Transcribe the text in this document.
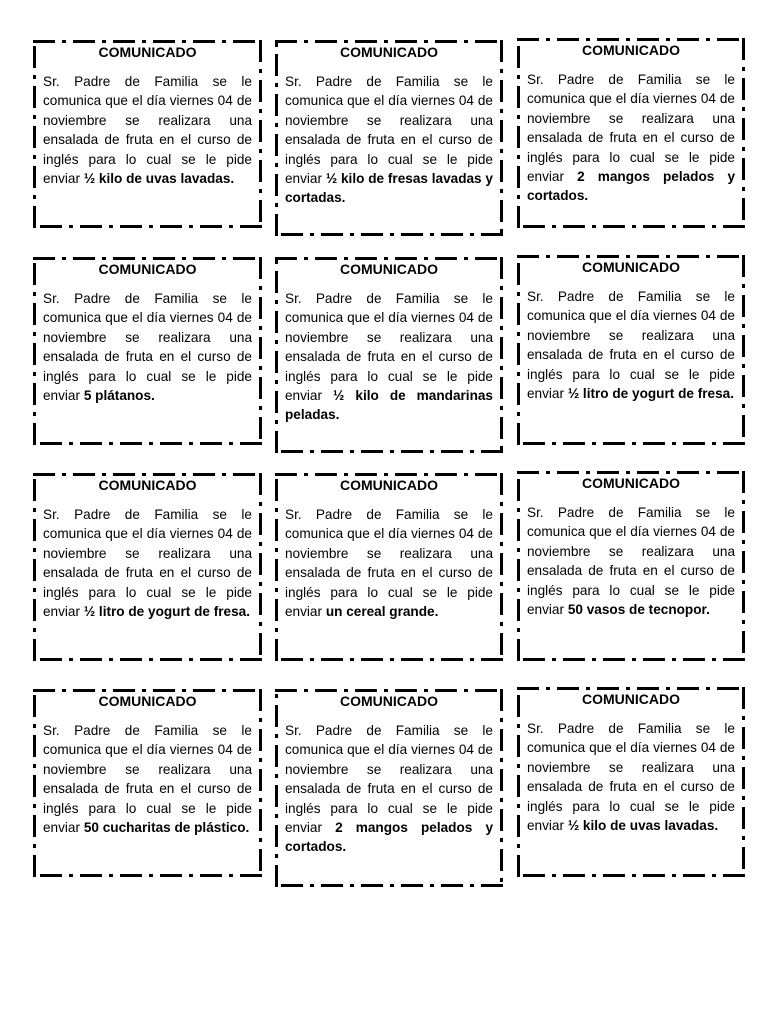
COMUNICADO
Sr. Padre de Familia se le comunica que el día viernes 04 de noviembre se realizara una ensalada de fruta en el curso de inglés para lo cual se le pide enviar ½ kilo de uvas lavadas.
COMUNICADO
Sr. Padre de Familia se le comunica que el día viernes 04 de noviembre se realizara una ensalada de fruta en el curso de inglés para lo cual se le pide enviar ½ kilo de fresas lavadas y cortadas.
COMUNICADO
Sr. Padre de Familia se le comunica que el día viernes 04 de noviembre se realizara una ensalada de fruta en el curso de inglés para lo cual se le pide enviar 2 mangos pelados y cortados.
COMUNICADO
Sr. Padre de Familia se le comunica que el día viernes 04 de noviembre se realizara una ensalada de fruta en el curso de inglés para lo cual se le pide enviar 5 plátanos.
COMUNICADO
Sr. Padre de Familia se le comunica que el día viernes 04 de noviembre se realizara una ensalada de fruta en el curso de inglés para lo cual se le pide enviar ½ kilo de mandarinas peladas.
COMUNICADO
Sr. Padre de Familia se le comunica que el día viernes 04 de noviembre se realizara una ensalada de fruta en el curso de inglés para lo cual se le pide enviar ½ litro de yogurt de fresa.
COMUNICADO
Sr. Padre de Familia se le comunica que el día viernes 04 de noviembre se realizara una ensalada de fruta en el curso de inglés para lo cual se le pide enviar ½ litro de yogurt de fresa.
COMUNICADO
Sr. Padre de Familia se le comunica que el día viernes 04 de noviembre se realizara una ensalada de fruta en el curso de inglés para lo cual se le pide enviar un cereal grande.
COMUNICADO
Sr. Padre de Familia se le comunica que el día viernes 04 de noviembre se realizara una ensalada de fruta en el curso de inglés para lo cual se le pide enviar 50 vasos de tecnopor.
COMUNICADO
Sr. Padre de Familia se le comunica que el día viernes 04 de noviembre se realizara una ensalada de fruta en el curso de inglés para lo cual se le pide enviar 50 cucharitas de plástico.
COMUNICADO
Sr. Padre de Familia se le comunica que el día viernes 04 de noviembre se realizara una ensalada de fruta en el curso de inglés para lo cual se le pide enviar 2 mangos pelados y cortados.
COMUNICADO
Sr. Padre de Familia se le comunica que el día viernes 04 de noviembre se realizara una ensalada de fruta en el curso de inglés para lo cual se le pide enviar ½ kilo de uvas lavadas.
